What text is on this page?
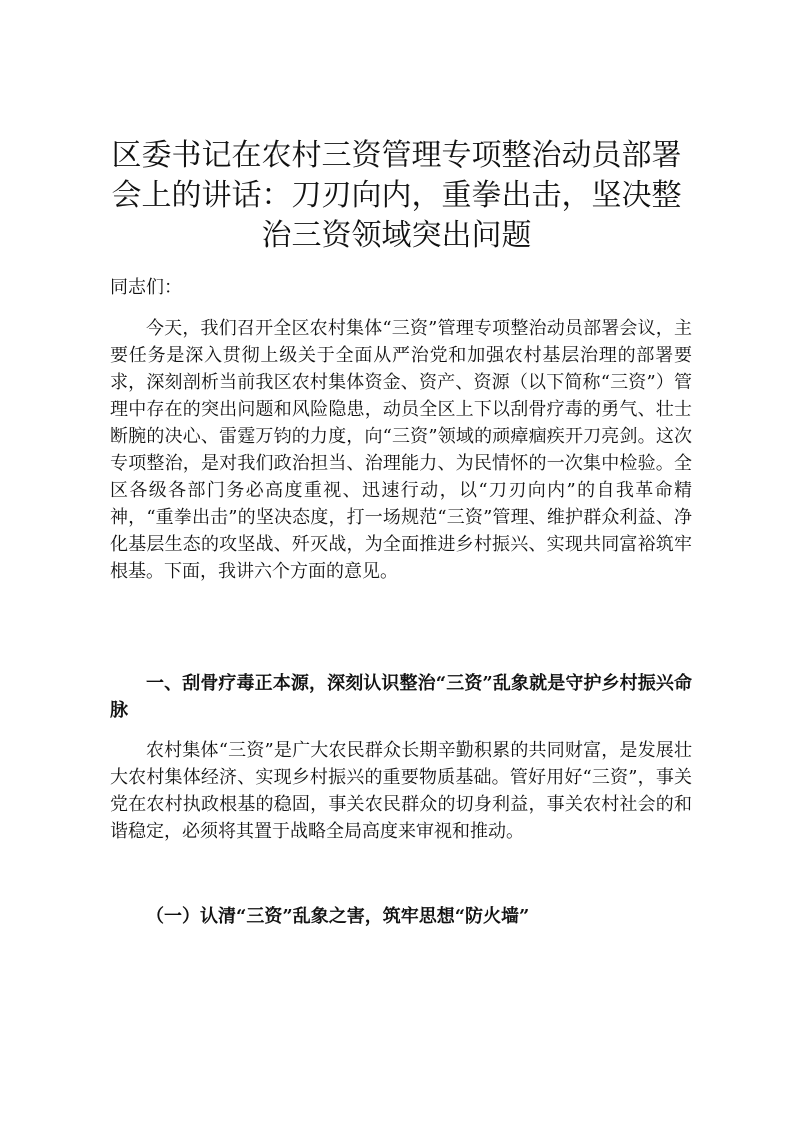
区委书记在农村三资管理专项整治动员部署会上的讲话：刀刃向内，重拳出击，坚决整治三资领域突出问题

同志们：

今天，我们召开全区农村集体“三资”管理专项整治动员部署会议，主要任务是深入贯彻上级关于全面从严治党和加强农村基层治理的部署要求，深刻剖析当前我区农村集体资金、资产、资源（以下简称“三资”）管理中存在的突出问题和风险隐患，动员全区上下以刮骨疗毒的勇气、壮士断腕的决心、雷霆万钧的力度，向“三资”领域的顽瘴痼疾开刀亮剑。这次专项整治，是对我们政治担当、治理能力、为民情怀的一次集中检验。全区各级各部门务必高度重视、迅速行动，以“刀刃向内”的自我革命精神，“重拳出击”的坚决态度，打一场规范“三资”管理、维护群众利益、净化基层生态的攻坚战、歼灭战，为全面推进乡村振兴、实现共同富裕筑牢根基。下面，我讲六个方面的意见。

一、刮骨疗毒正本源，深刻认识整治“三资”乱象就是守护乡村振兴命脉

农村集体“三资”是广大农民群众长期辛勤积累的共同财富，是发展壮大农村集体经济、实现乡村振兴的重要物质基础。管好用好“三资”，事关党在农村执政根基的稳固，事关农民群众的切身利益，事关农村社会的和谐稳定，必须将其置于战略全局高度来审视和推动。

（一）认清“三资”乱象之害，筑牢思想“防火墙”
